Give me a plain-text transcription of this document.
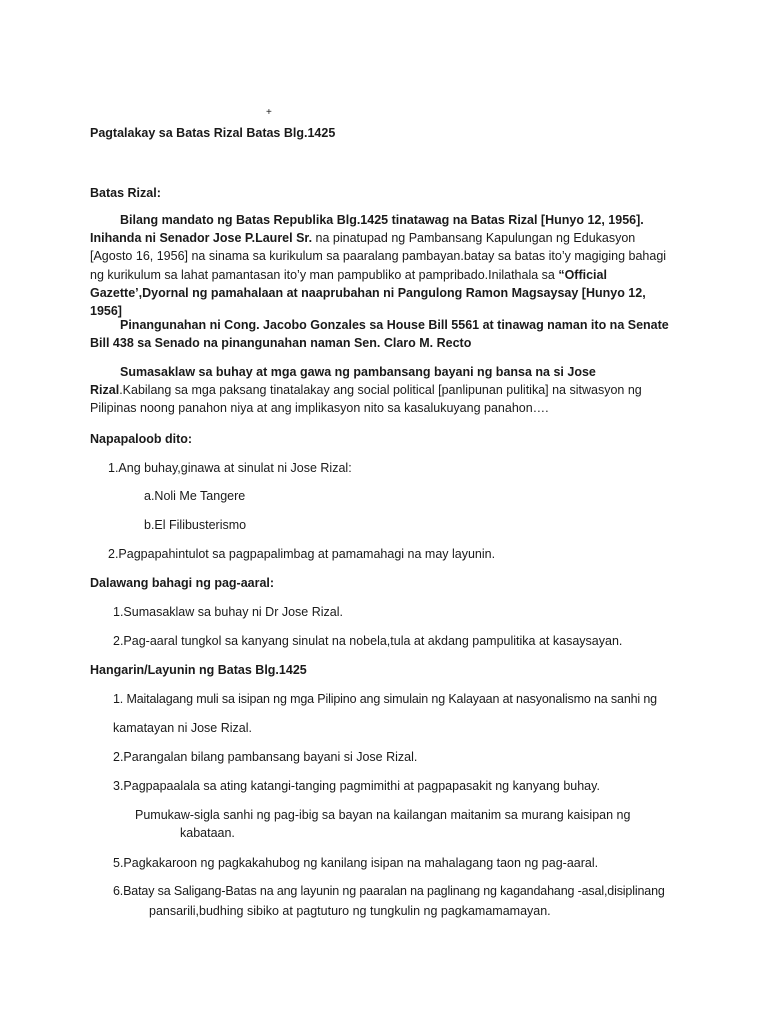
+
Pagtalakay sa Batas Rizal Batas Blg.1425
Batas Rizal:
Bilang mandato ng Batas Republika Blg.1425 tinatawag na Batas Rizal [Hunyo 12, 1956]. Inihanda ni Senador Jose P.Laurel Sr. na pinatupad ng Pambansang Kapulungan ng Edukasyon [Agosto 16, 1956] na sinama sa kurikulum sa paaralang pambayan.batay sa batas ito’y magiging bahagi ng kurikulum sa lahat pamantasan ito’y man pampubliko at pampribado.Inilathala sa “Official Gazette’,Dyornal ng pamahalaan at naaprubahan ni Pangulong Ramon Magsaysay [Hunyo 12, 1956]
Pinangunahan ni Cong. Jacobo Gonzales sa House Bill 5561 at tinawag naman ito na Senate Bill 438 sa Senado na pinangunahan naman Sen. Claro M. Recto
Sumasaklaw sa buhay at mga gawa ng pambansang bayani ng bansa na si Jose Rizal.Kabilang sa mga paksang tinatalakay ang social political [panlipunan pulitika] na sitwasyon ng Pilipinas noong panahon niya at ang implikasyon nito sa kasalukuyang panahon….
Napapaloob dito:
1.Ang buhay,ginawa at sinulat ni Jose Rizal:
a.Noli Me Tangere
b.El Filibusterismo
2.Pagpapahintulot sa pagpapalimbag at pamamahagi na may layunin.
Dalawang bahagi ng pag-aaral:
1.Sumasaklaw sa buhay ni Dr Jose Rizal.
2.Pag-aaral tungkol sa kanyang sinulat na nobela,tula at akdang pampulitika at kasaysayan.
Hangarin/Layunin ng Batas Blg.1425
1. Maitalagang muli sa isipan ng mga Pilipino ang simulain ng Kalayaan at nasyonalismo na sanhi ng
kamatayan ni Jose Rizal.
2.Parangalan bilang pambansang bayani si Jose Rizal.
3.Pagpapaalala sa ating katangi-tanging pagmimithi at pagpapasakit ng kanyang buhay.
Pumukaw-sigla sanhi ng pag-ibig sa bayan na kailangan maitanim sa murang kaisipan ng
kabataan.
5.Pagkakaroon ng pagkakahubog ng kanilang isipan na mahalagang taon ng pag-aaral.
6.Batay sa Saligang-Batas na ang layunin ng paaralan na paglinang ng kagandahang -asal,disiplinang
pansarili,budhing sibiko at pagtuturo ng tungkulin ng pagkamamamayan.
